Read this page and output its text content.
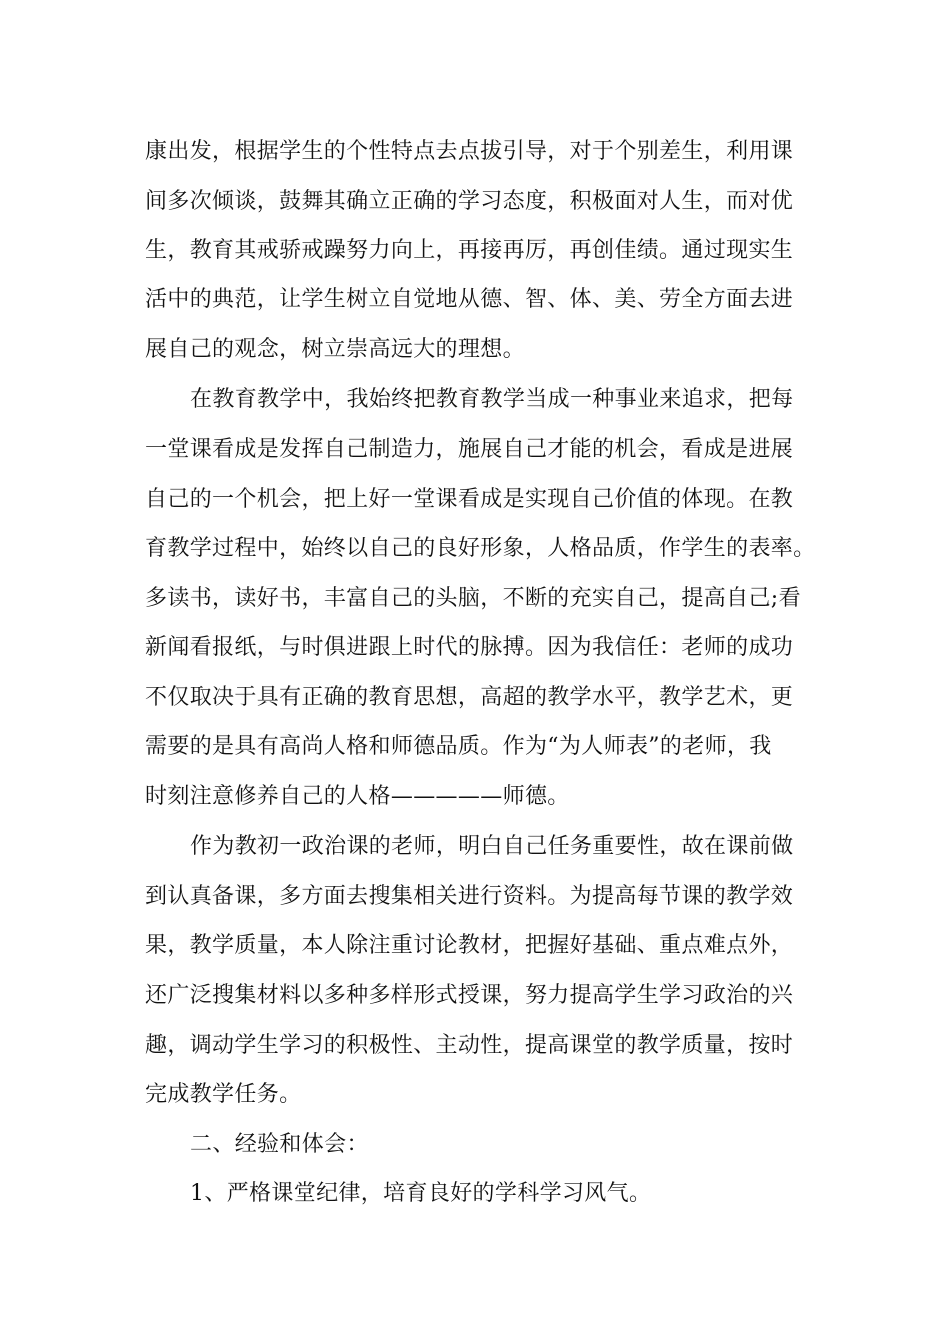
康出发，根据学生的个性特点去点拔引导，对于个别差生，利用课
间多次倾谈，鼓舞其确立正确的学习态度，积极面对人生，而对优
生，教育其戒骄戒躁努力向上，再接再厉，再创佳绩。通过现实生
活中的典范，让学生树立自觉地从德、智、体、美、劳全方面去进
展自己的观念，树立崇高远大的理想。
在教育教学中，我始终把教育教学当成一种事业来追求，把每
一堂课看成是发挥自己制造力，施展自己才能的机会，看成是进展
自己的一个机会，把上好一堂课看成是实现自己价值的体现。在教
育教学过程中，始终以自己的良好形象，人格品质，作学生的表率。
多读书，读好书，丰富自己的头脑，不断的充实自己，提高自己;看
新闻看报纸，与时俱进跟上时代的脉搏。因为我信任：老师的成功
不仅取决于具有正确的教育思想，高超的教学水平，教学艺术，更
需要的是具有高尚人格和师德品质。作为“为人师表”的老师，我
时刻注意修养自己的人格—————师德。
作为教初一政治课的老师，明白自己任务重要性，故在课前做
到认真备课，多方面去搜集相关进行资料。为提高每节课的教学效
果，教学质量，本人除注重讨论教材，把握好基础、重点难点外，
还广泛搜集材料以多种多样形式授课，努力提高学生学习政治的兴
趣，调动学生学习的积极性、主动性，提高课堂的教学质量，按时
完成教学任务。
二、经验和体会：
1、严格课堂纪律，培育良好的学科学习风气。
